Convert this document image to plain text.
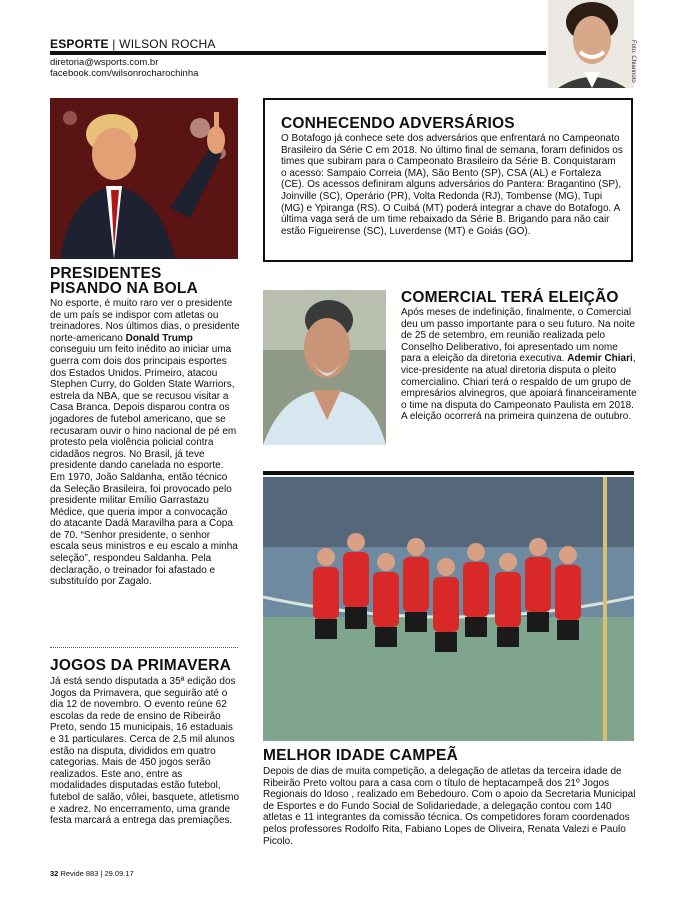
ESPORTE | WILSON ROCHA
diretoria@wsports.com.br
facebook.com/wilsonrocharochinha	Foto: Chiarinoto
PRESIDENTES
PISANDO NA BOLA

No esporte, é muito raro ver o presidente de um país se indispor com atletas ou treinadores. Nos últimos dias, o presidente norte-americano Donald Trump conseguiu um feito inédito ao iniciar uma guerra com dois dos principais esportes dos Estados Unidos. Primeiro, atacou Stephen Curry, do Golden State Warriors, estrela da NBA, que se recusou visitar a Casa Branca. Depois disparou contra os jogadores de futebol americano, que se recusaram ouvir o hino nacional de pé em protesto pela violência policial contra cidadãos negros. No Brasil, já teve presidente dando canelada no esporte. Em 1970, João Saldanha, então técnico da Seleção Brasileira, foi provocado pelo presidente militar Emílio Garrastazu Médice, que queria impor a convocação do atacante Dadá Maravilha para a Copa de 70. “Senhor presidente, o senhor escala seus ministros e eu escalo a minha seleção”, respondeu Saldanha. Pela declaração, o treinador foi afastado e substituído por Zagalo.

JOGOS DA PRIMAVERA

Já está sendo disputada a 35ª edição dos Jogos da Primavera, que seguirão até o dia 12 de novembro. O evento reúne 62 escolas da rede de ensino de Ribeirão Preto, sendo 15 municipais, 16 estaduais e 31 particulares. Cerca de 2,5 mil alunos estão na disputa, divididos em quatro categorias. Mais de 450 jogos serão realizados. Este ano, entre as modalidades disputadas estão futebol, futebol de salão, vôlei, basquete, atletismo e xadrez. No encerramento, uma grande festa marcará a entrega das premiações.

CONHECENDO ADVERSÁRIOS

O Botafogo já conhece sete dos adversários que enfrentará no Campeonato Brasileiro da Série C em 2018. No último final de semana, foram definidos os times que subiram para o Campeonato Brasileiro da Série B. Conquistaram o acesso: Sampaio Correia (MA), São Bento (SP), CSA (AL) e Fortaleza (CE). Os acessos definiram alguns adversários do Pantera: Bragantino (SP), Joinville (SC), Operário (PR), Volta Redonda (RJ), Tombense (MG), Tupi (MG) e Ypiranga (RS). O Cuibá (MT) poderá integrar a chave do Botafogo. A última vaga será de um time rebaixado da Série B. Brigando para não cair estão Figueirense (SC), Luverdense (MT) e Goiás (GO).

COMERCIAL TERÁ ELEIÇÃO

Após meses de indefinição, finalmente, o Comercial deu um passo importante para o seu futuro. Na noite de 25 de setembro, em reunião realizada pelo Conselho Deliberativo, foi apresentado um nome para a eleição da diretoria executiva. Ademir Chiari, vice-presidente na atual diretoria disputa o pleito comercialino. Chiari terá o respaldo de um grupo de empresários alvinegros, que apoiará financeiramente o time na disputa do Campeonato Paulista em 2018. A eleição ocorrerá na primeira quinzena de outubro.

MELHOR IDADE CAMPEÃ

Depois de dias de muita competição, a delegação de atletas da terceira idade de Ribeirão Preto voltou para a casa com o título de heptacampeã dos 21º Jogos Regionais do Idoso , realizado em Bebedouro. Com o apoio da Secretaria Municipal de Esportes e do Fundo Social de Solidariedade, a delegação contou com 140 atletas e 11 integrantes da comissão técnica. Os competidores foram coordenados pelos professores Rodolfo Rita, Fabiano Lopes de Oliveira, Renata Valezi e Paulo Picolo.

32 Revide 883 | 29.09.17
